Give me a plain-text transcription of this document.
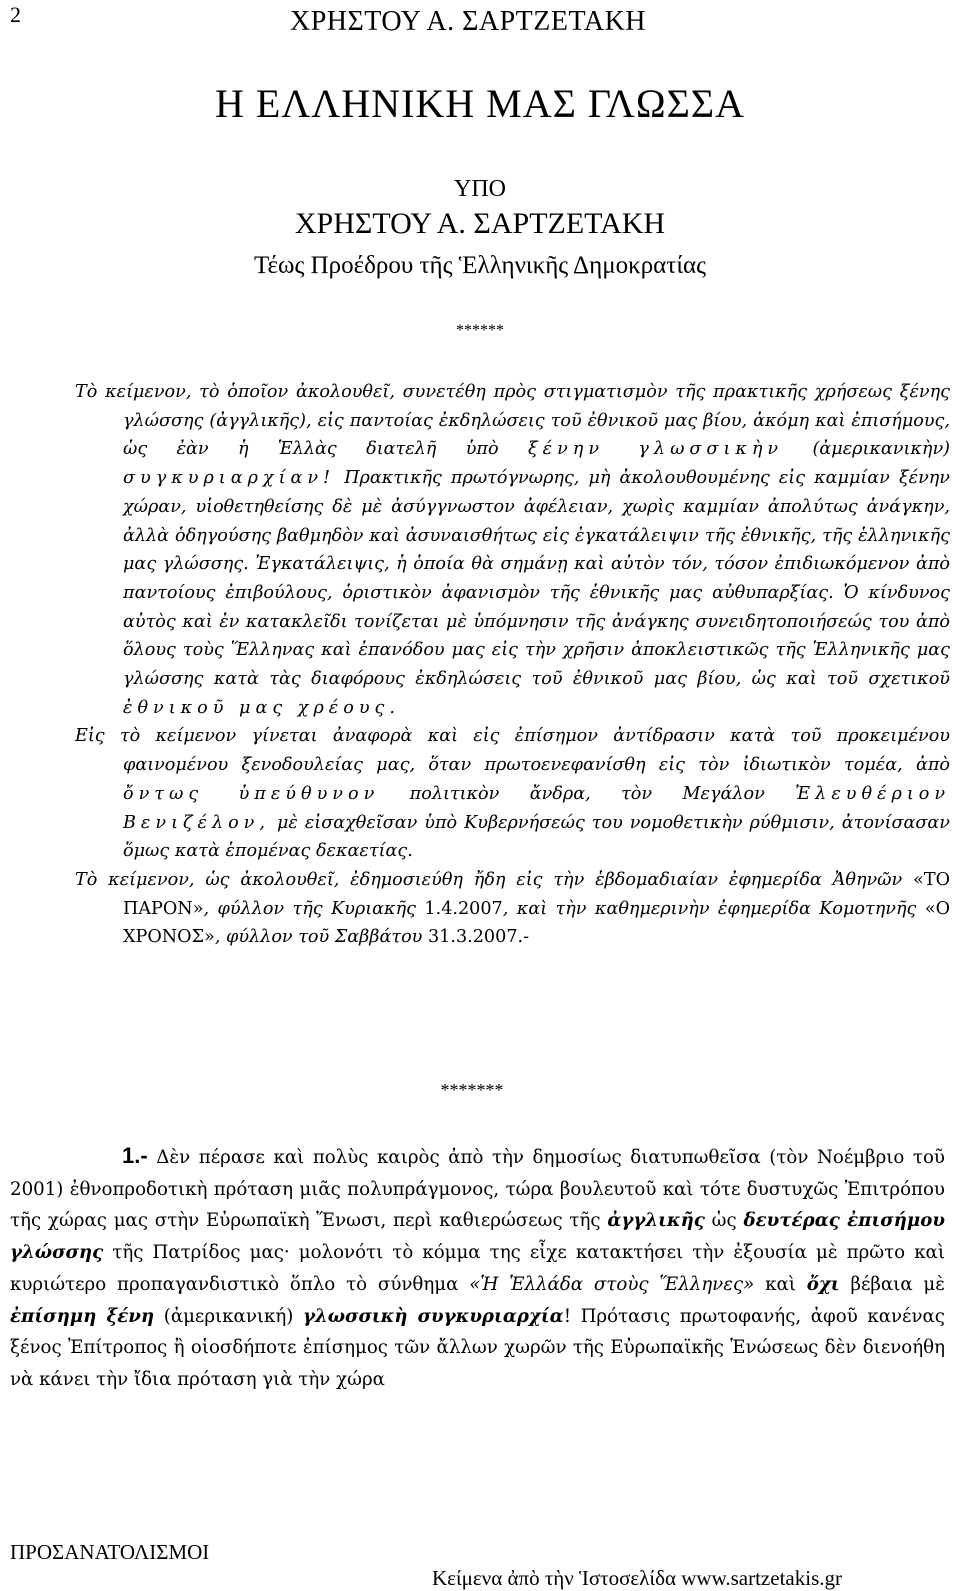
2	ΧΡΗΣΤΟΥ Α. ΣΑΡΤΖΕΤΑΚΗ
Η ΕΛΛΗΝΙΚΗ ΜΑΣ ΓΛΩΣΣΑ
ΥΠΟ
ΧΡΗΣΤΟΥ Α. ΣΑΡΤΖΕΤΑΚΗ
Τέως Προέδρου τῆς Ἑλληνικῆς Δημοκρατίας
******

Τὸ κείμενον, τὸ ὁποῖον ἀκολουθεῖ, συνετέθη πρὸς στιγματισμὸν τῆς πρακτικῆς χρήσεως ξένης γλώσσης (ἀγγλικῆς), εἰς παντοίας ἐκδηλώσεις τοῦ ἐθνικοῦ μας βίου, ἀκόμη καὶ ἐπισήμους, ὡς ἐὰν ἡ Ἑλλὰς διατελῆ ὑπὸ ξένην γλωσσικὴν (ἀμερικανικὴν) συγκυριαρχίαν! Πρακτικῆς πρωτόγνωρης, μὴ ἀκολουθουμένης εἰς καμμίαν ξένην χώραν, υἱοθετηθείσης δὲ μὲ ἀσύγγνωστον ἀφέλειαν, χωρὶς καμμίαν ἀπολύτως ἀνάγκην, ἀλλὰ ὁδηγούσης βαθμηδὸν καὶ ἀσυναισθήτως εἰς ἐγκατάλειψιν τῆς ἐθνικῆς, τῆς ἑλληνικῆς μας γλώσσης. Ἐγκατάλειψις, ἡ ὁποία θὰ σημάνῃ καὶ αὐτὸν τόν, τόσον ἐπιδιωκόμενον ἀπὸ παντοίους ἐπιβούλους, ὁριστικὸν ἀφανισμὸν τῆς ἐθνικῆς μας αὐθυπαρξίας. Ὁ κίνδυνος αὐτὸς καὶ ἐν κατακλεῖδι τονίζεται μὲ ὑπόμνησιν τῆς ἀνάγκης συνειδητοποιήσεώς του ἀπὸ ὅλους τοὺς Ἕλληνας καὶ ἐπανόδου μας εἰς τὴν χρῆσιν ἀποκλειστικῶς τῆς Ἑλληνικῆς μας γλώσσης κατὰ τὰς διαφόρους ἐκδηλώσεις τοῦ ἐθνικοῦ μας βίου, ὡς καὶ τοῦ σχετικοῦ ἐθνικοῦ μας χρέους.

Εἰς τὸ κείμενον γίνεται ἀναφορὰ καὶ εἰς ἐπίσημον ἀντίδρασιν κατὰ τοῦ προκειμένου φαινομένου ξενοδουλείας μας, ὅταν πρωτοενεφανίσθη εἰς τὸν ἰδιωτικὸν τομέα, ἀπὸ ὄντως ὑπεύθυνον πολιτικὸν ἄνδρα, τὸν Μεγάλον Ἐλευθέριον Βενιζέλον, μὲ εἰσαχθεῖσαν ὑπὸ Κυβερνήσεώς του νομοθετικὴν ρύθμισιν, ἀτονίσασαν ὅμως κατὰ ἑπομένας δεκαετίας.

Τὸ κείμενον, ὡς ἀκολουθεῖ, ἐδημοσιεύθη ἤδη εἰς τὴν ἑβδομαδιαίαν ἐφημερίδα Ἀθηνῶν «ΤΟ ΠΑΡΟΝ», φύλλον τῆς Κυριακῆς 1.4.2007, καὶ τὴν καθημερινὴν ἐφημερίδα Κομοτηνῆς «Ο ΧΡΟΝΟΣ», φύλλον τοῦ Σαββάτου 31.3.2007.-

*******
1.- Δὲν πέρασε καὶ πολὺς καιρὸς ἀπὸ τὴν δημοσίως διατυπωθεῖσα (τὸν Νοέμβριο τοῦ 2001) ἐθνοπροδοτικὴ πρόταση μιᾶς πολυπράγμονος, τώρα βουλευτοῦ καὶ τότε δυστυχῶς Ἐπιτρόπου τῆς χώρας μας στὴν Εὐρωπαϊκὴ Ἕνωσι, περὶ καθιερώσεως τῆς ἀγγλικῆς ὡς δευτέρας ἐπισήμου γλώσσης τῆς Πατρίδος μας· μολονότι τὸ κόμμα της εἶχε κατακτήσει τὴν ἐξουσία μὲ πρῶτο καὶ κυριώτερο προπαγανδιστικὸ ὅπλο τὸ σύνθημα «Ἡ Ἑλλάδα στοὺς Ἕλληνες» καὶ ὄχι βέβαια μὲ ἐπίσημη ξένη (ἀμερικανική) γλωσσικὴ συγκυριαρχία! Πρότασις πρωτοφανής, ἀφοῦ κανένας ξένος Ἐπίτροπος ἢ οἱοσδήποτε ἐπίσημος τῶν ἄλλων χωρῶν τῆς Εὐρωπαϊκῆς Ἑνώσεως δὲν διενοήθη νὰ κάνει τὴν ἴδια πρόταση γιὰ τὴν χώρα
ΠΡΟΣΑΝΑΤΟΛΙΣΜΟΙ
Κείμενα ἀπὸ τὴν Ἱστοσελίδα www.sartzetakis.gr
